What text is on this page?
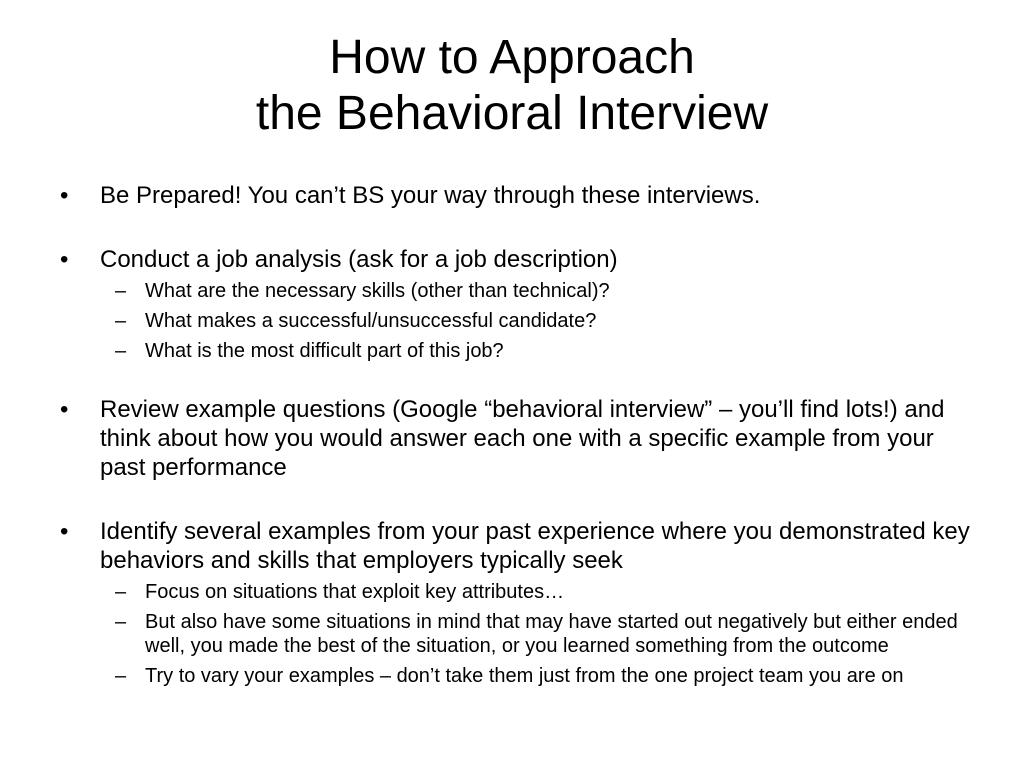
How to Approach
the Behavioral Interview
•	Be Prepared! You can’t BS your way through these interviews.
•	Conduct a job analysis (ask for a job description)
– What are the necessary skills (other than technical)?
– What makes a successful/unsuccessful candidate?
– What is the most difficult part of this job?
•	Review example questions (Google “behavioral interview” – you’ll find lots!) and think about how you would answer each one with a specific example from your past performance
•	Identify several examples from your past experience where you demonstrated key behaviors and skills that employers typically seek
– Focus on situations that exploit key attributes…
– But also have some situations in mind that may have started out negatively but either ended well, you made the best of the situation, or you learned something from the outcome
– Try to vary your examples – don’t take them just from the one project team you are on
